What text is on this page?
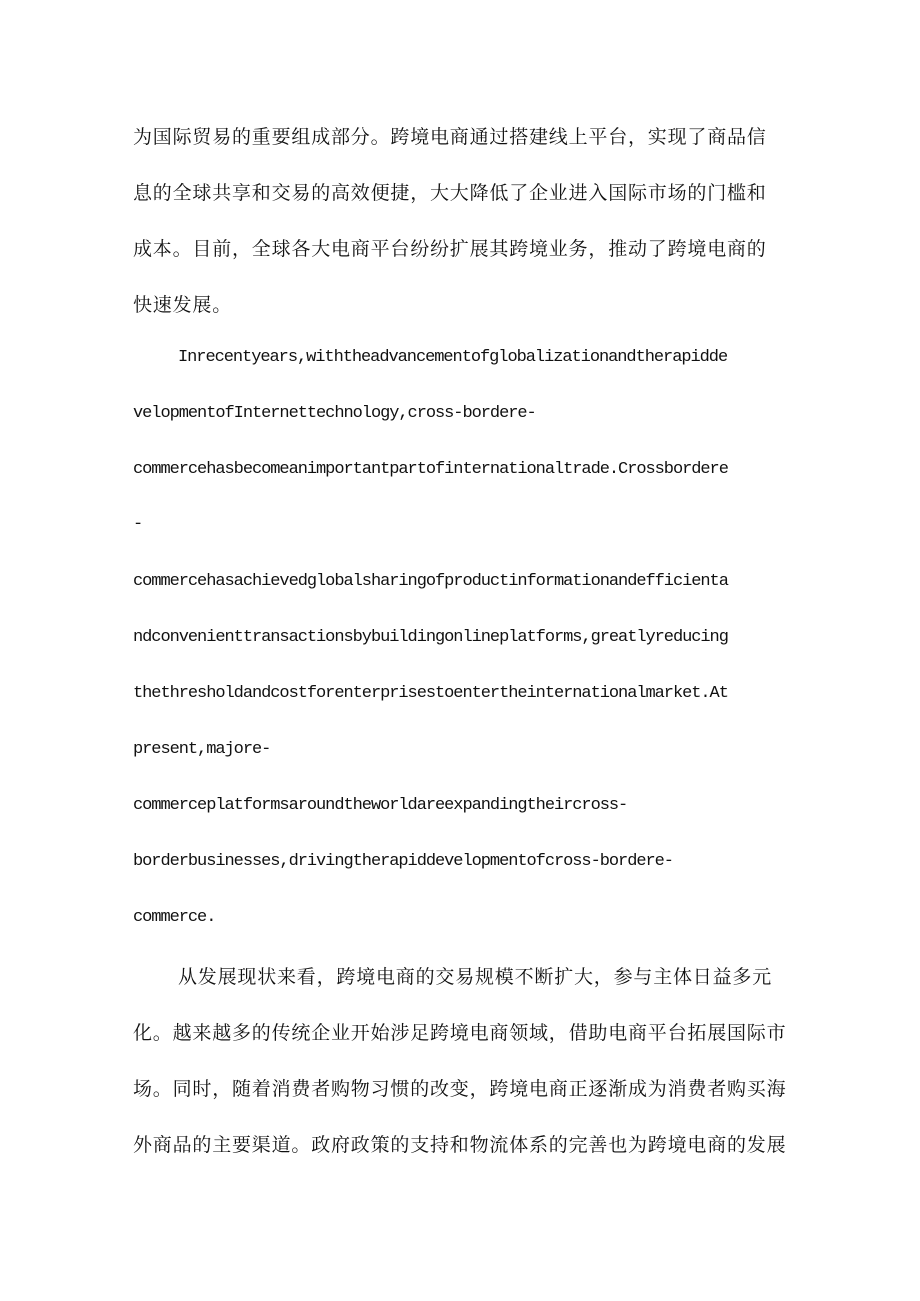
为国际贸易的重要组成部分。跨境电商通过搭建线上平台，实现了商品信
息的全球共享和交易的高效便捷，大大降低了企业进入国际市场的门槛和
成本。目前，全球各大电商平台纷纷扩展其跨境业务，推动了跨境电商的
快速发展。
Inrecentyears,withtheadvancementofglobalizationandtherapidde
velopmentofInternettechnology,cross-bordere-
commercehasbecomeanimportantpartofinternationaltrade.Crossbordere
-
commercehasachievedglobalsharingofproductinformationandefficienta
ndconvenienttransactionsbybuildingonlineplatforms,greatlyreducing
thethresholdandcostforenterprisestoentertheinternationalmarket.At
present,majore-
commerceplatformsaroundtheworldareexpandingtheircross-
borderbusinesses,drivingtherapiddevelopmentofcross-bordere-
commerce.
从发展现状来看，跨境电商的交易规模不断扩大，参与主体日益多元
化。越来越多的传统企业开始涉足跨境电商领域，借助电商平台拓展国际市
场。同时，随着消费者购物习惯的改变，跨境电商正逐渐成为消费者购买海
外商品的主要渠道。政府政策的支持和物流体系的完善也为跨境电商的发展
